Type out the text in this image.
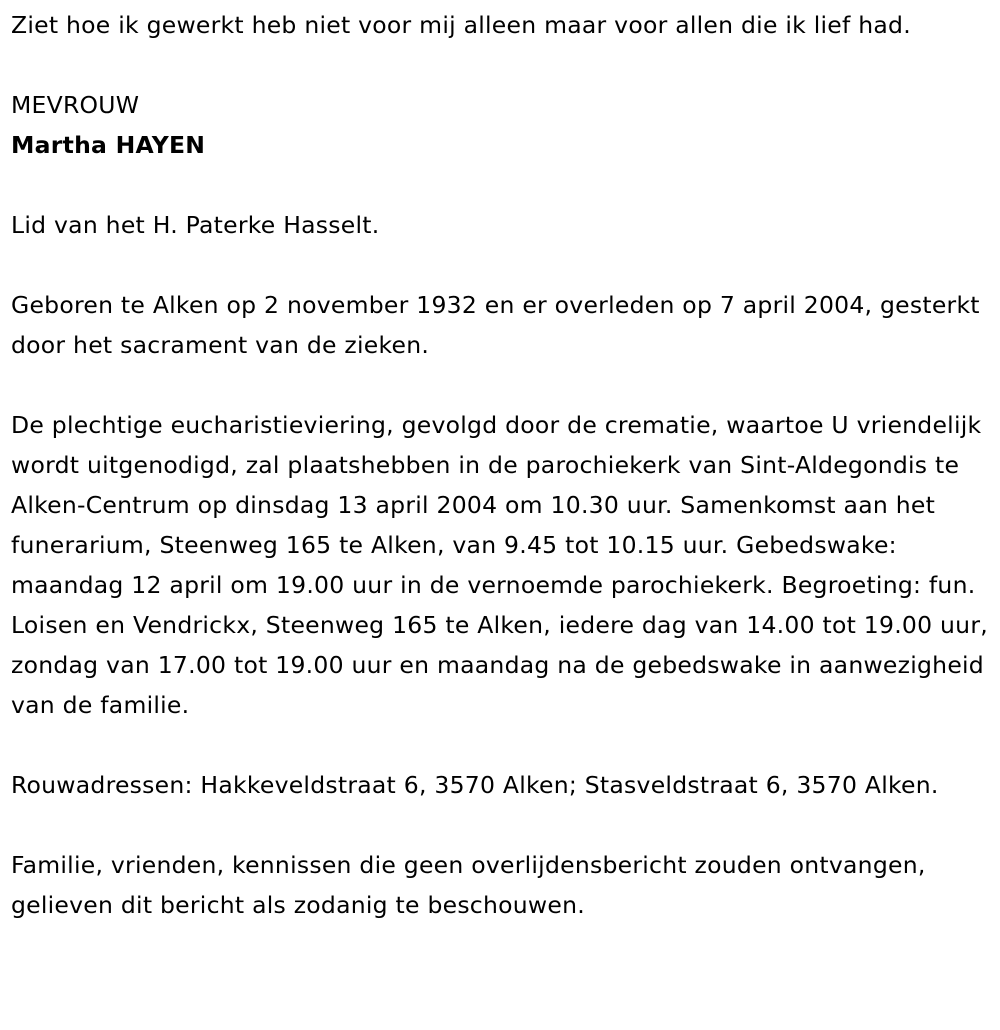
Ziet hoe ik gewerkt heb niet voor mij alleen maar voor allen die ik lief had.

MEVROUW

Martha HAYEN

Lid van het H. Paterke Hasselt.

Geboren te Alken op 2 november 1932 en er overleden op 7 april 2004, gesterkt door het sacrament van de zieken.

De plechtige eucharistieviering, gevolgd door de crematie, waartoe U vriendelijk wordt uitgenodigd, zal plaatshebben in de parochiekerk van Sint-Aldegondis te Alken-Centrum op dinsdag 13 april 2004 om 10.30 uur. Samenkomst aan het funerarium, Steenweg 165 te Alken, van 9.45 tot 10.15 uur. Gebedswake: maandag 12 april om 19.00 uur in de vernoemde parochiekerk. Begroeting: fun. Loisen en Vendrickx, Steenweg 165 te Alken, iedere dag van 14.00 tot 19.00 uur, zondag van 17.00 tot 19.00 uur en maandag na de gebedswake in aanwezigheid van de familie.

Rouwadressen: Hakkeveldstraat 6, 3570 Alken; Stasveldstraat 6, 3570 Alken.

Familie, vrienden, kennissen die geen overlijdensbericht zouden ontvangen, gelieven dit bericht als zodanig te beschouwen.
